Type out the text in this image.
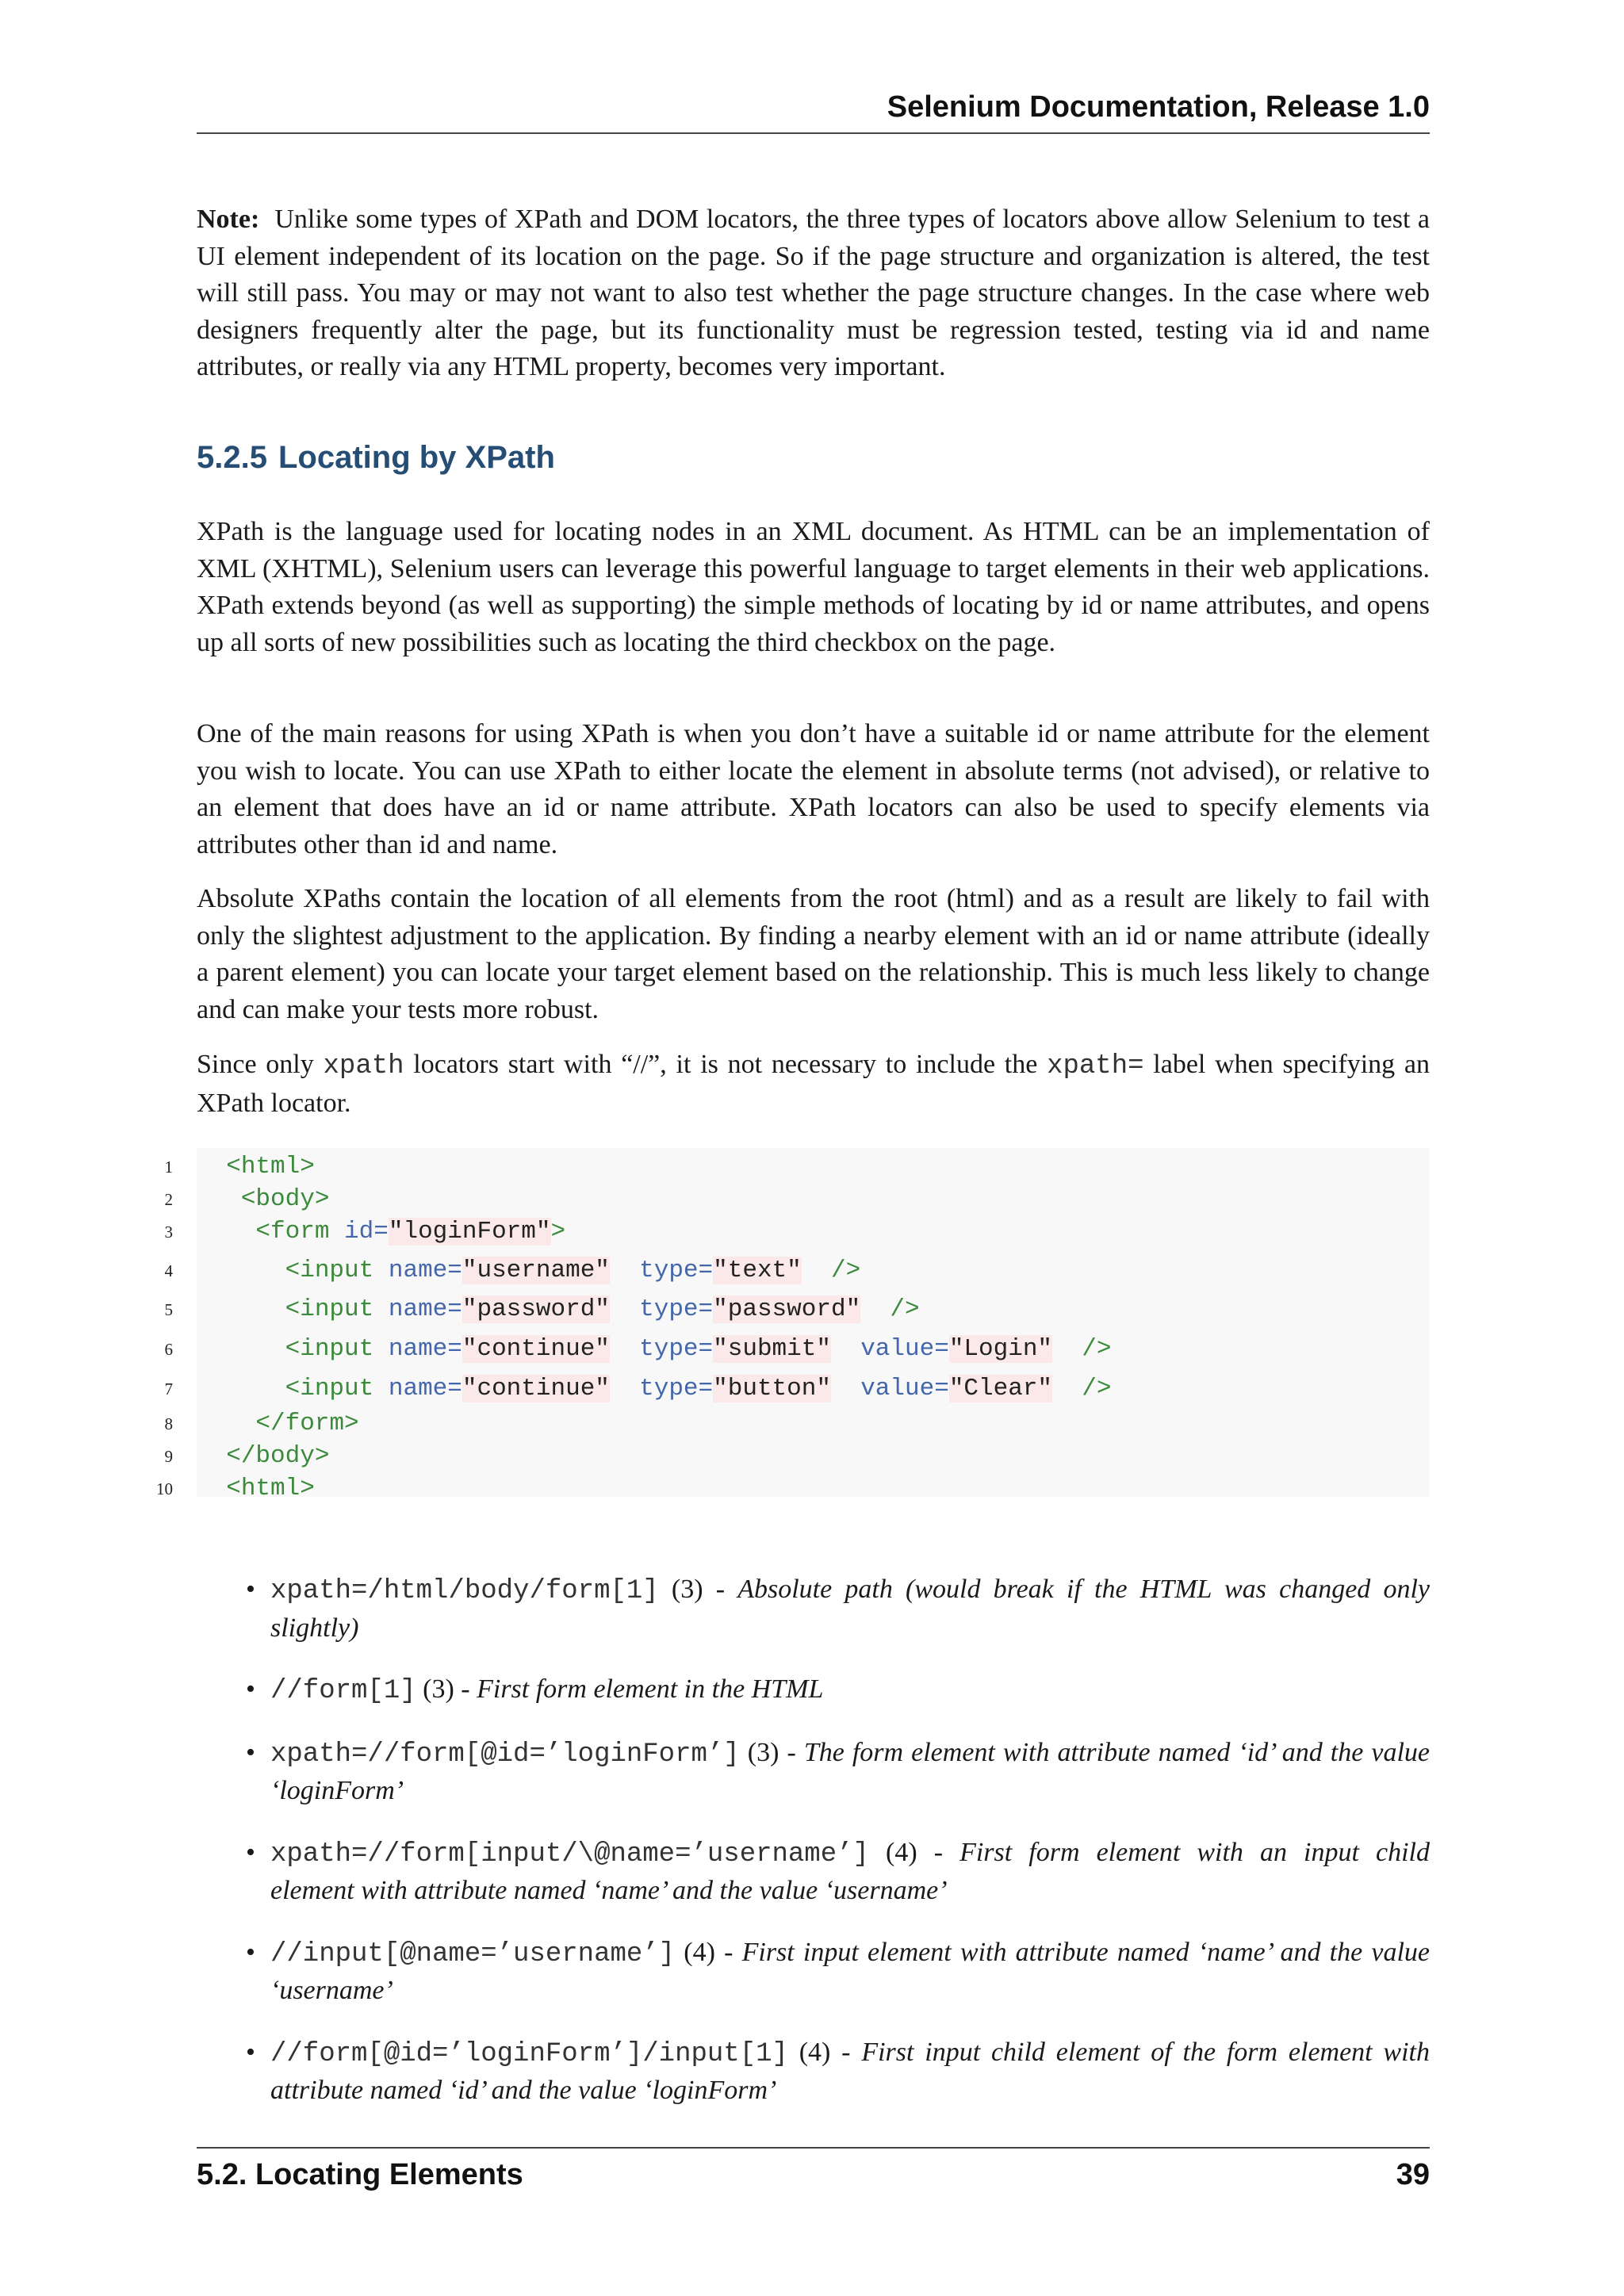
Selenium Documentation, Release 1.0
Note: Unlike some types of XPath and DOM locators, the three types of locators above allow Selenium to test a UI element independent of its location on the page. So if the page structure and organization is altered, the test will still pass. You may or may not want to also test whether the page structure changes. In the case where web designers frequently alter the page, but its functionality must be regression tested, testing via id and name attributes, or really via any HTML property, becomes very important.
5.2.5 Locating by XPath
XPath is the language used for locating nodes in an XML document. As HTML can be an implementation of XML (XHTML), Selenium users can leverage this powerful language to target elements in their web applications. XPath extends beyond (as well as supporting) the simple methods of locating by id or name attributes, and opens up all sorts of new possibilities such as locating the third checkbox on the page.
One of the main reasons for using XPath is when you don’t have a suitable id or name attribute for the element you wish to locate. You can use XPath to either locate the element in absolute terms (not advised), or relative to an element that does have an id or name attribute. XPath locators can also be used to specify elements via attributes other than id and name.
Absolute XPaths contain the location of all elements from the root (html) and as a result are likely to fail with only the slightest adjustment to the application. By finding a nearby element with an id or name attribute (ideally a parent element) you can locate your target element based on the relationship. This is much less likely to change and can make your tests more robust.
Since only xpath locators start with “//”, it is not necessary to include the xpath= label when specifying an XPath locator.
1 <html>
2	<body>
3	<form id="loginForm">
4	<input name="username" type="text" />
5	<input name="password" type="password" />
6	<input name="continue" type="submit" value="Login" />
7	<input name="continue" type="button" value="Clear" />
8	</form>
9 </body>
10 <html>
• xpath=/html/body/form[1] (3) - Absolute path (would break if the HTML was changed only slightly)
• //form[1] (3) - First form element in the HTML
• xpath=//form[@id=’loginForm’] (3) - The form element with attribute named ‘id’ and the value ‘loginForm’
• xpath=//form[input/\@name=’username’] (4) - First form element with an input child element with attribute named ‘name’ and the value ‘username’
• //input[@name=’username’] (4) - First input element with attribute named ‘name’ and the value ‘username’
• //form[@id=’loginForm’]/input[1] (4) - First input child element of the form element with attribute named ‘id’ and the value ‘loginForm’
5.2. Locating Elements	39
